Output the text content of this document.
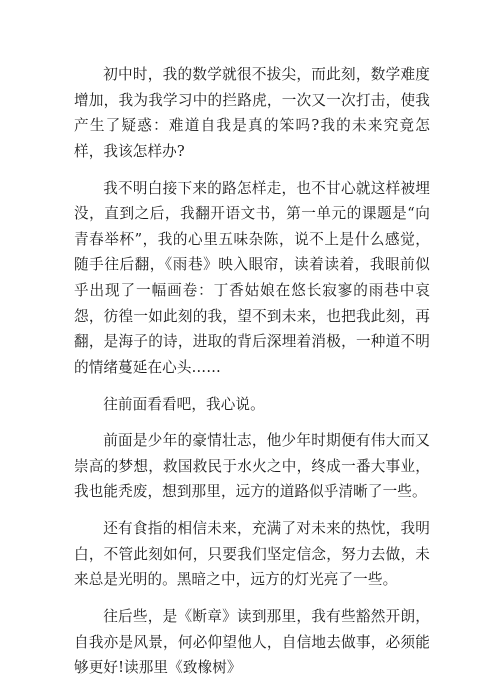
初中时，我的数学就很不拔尖，而此刻，数学难度增加，我为我学习中的拦路虎，一次又一次打击，使我产生了疑惑：难道自我是真的笨吗?我的未来究竟怎样，我该怎样办?

我不明白接下来的路怎样走，也不甘心就这样被埋没，直到之后，我翻开语文书，第一单元的课题是“向青春举杯”，我的心里五味杂陈，说不上是什么感觉，随手往后翻，《雨巷》映入眼帘，读着读着，我眼前似乎出现了一幅画卷：丁香姑娘在悠长寂寥的雨巷中哀怨，彷徨一如此刻的我，望不到未来，也把我此刻，再翻，是海子的诗，进取的背后深埋着消极，一种道不明的情绪蔓延在心头……

往前面看看吧，我心说。

前面是少年的豪情壮志，他少年时期便有伟大而又崇高的梦想，救国救民于水火之中，终成一番大事业，我也能秃废，想到那里，远方的道路似乎清晰了一些。

还有食指的相信未来，充满了对未来的热忱，我明白，不管此刻如何，只要我们坚定信念，努力去做，未来总是光明的。黑暗之中，远方的灯光亮了一些。

往后些，是《断章》读到那里，我有些豁然开朗，自我亦是风景，何必仰望他人，自信地去做事，必须能够更好!读那里《致橡树》
